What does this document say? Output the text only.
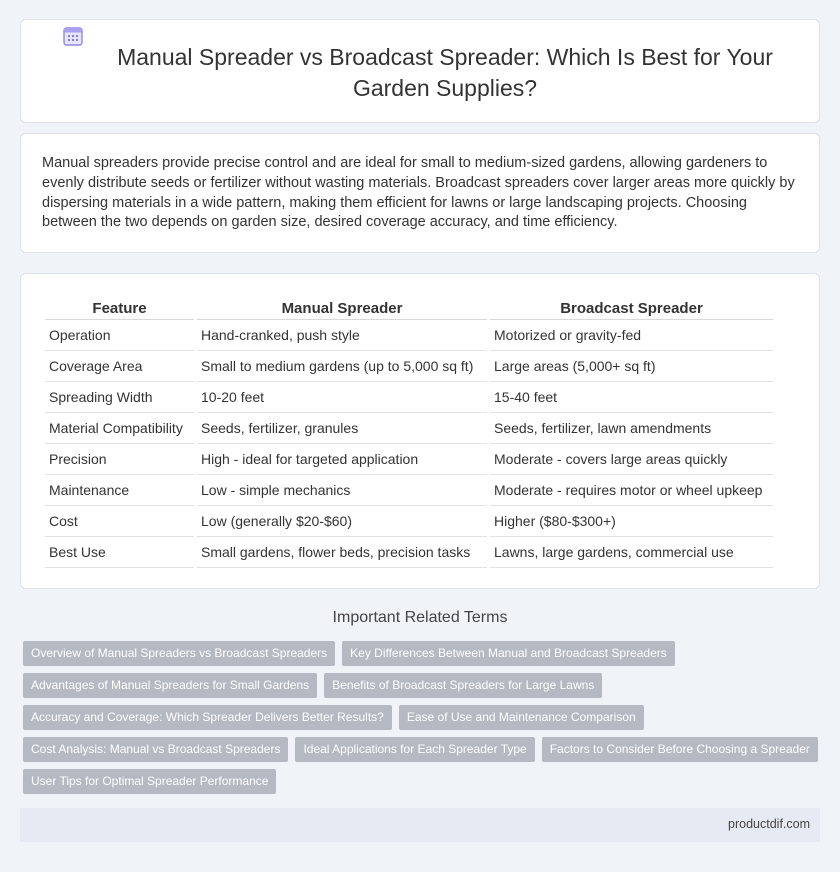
Manual Spreader vs Broadcast Spreader: Which Is Best for Your Garden Supplies?

Manual spreaders provide precise control and are ideal for small to medium-sized gardens, allowing gardeners to evenly distribute seeds or fertilizer without wasting materials. Broadcast spreaders cover larger areas more quickly by dispersing materials in a wide pattern, making them efficient for lawns or large landscaping projects. Choosing between the two depends on garden size, desired coverage accuracy, and time efficiency.

Feature	Manual Spreader	Broadcast Spreader
Operation	Hand-cranked, push style	Motorized or gravity-fed
Coverage Area	Small to medium gardens (up to 5,000 sq ft)	Large areas (5,000+ sq ft)
Spreading Width	10-20 feet	15-40 feet
Material Compatibility	Seeds, fertilizer, granules	Seeds, fertilizer, lawn amendments
Precision	High - ideal for targeted application	Moderate - covers large areas quickly
Maintenance	Low - simple mechanics	Moderate - requires motor or wheel upkeep
Cost	Low (generally $20-$60)	Higher ($80-$300+)
Best Use	Small gardens, flower beds, precision tasks	Lawns, large gardens, commercial use
Important Related Terms
Overview of Manual Spreaders vs Broadcast Spreaders	Key Differences Between Manual and Broadcast Spreaders
Advantages of Manual Spreaders for Small Gardens	Benefits of Broadcast Spreaders for Large Lawns
Accuracy and Coverage: Which Spreader Delivers Better Results?	Ease of Use and Maintenance Comparison
Cost Analysis: Manual vs Broadcast Spreaders	Ideal Applications for Each Spreader Type	Factors to Consider Before Choosing a Spreader
User Tips for Optimal Spreader Performance
productdif.com
